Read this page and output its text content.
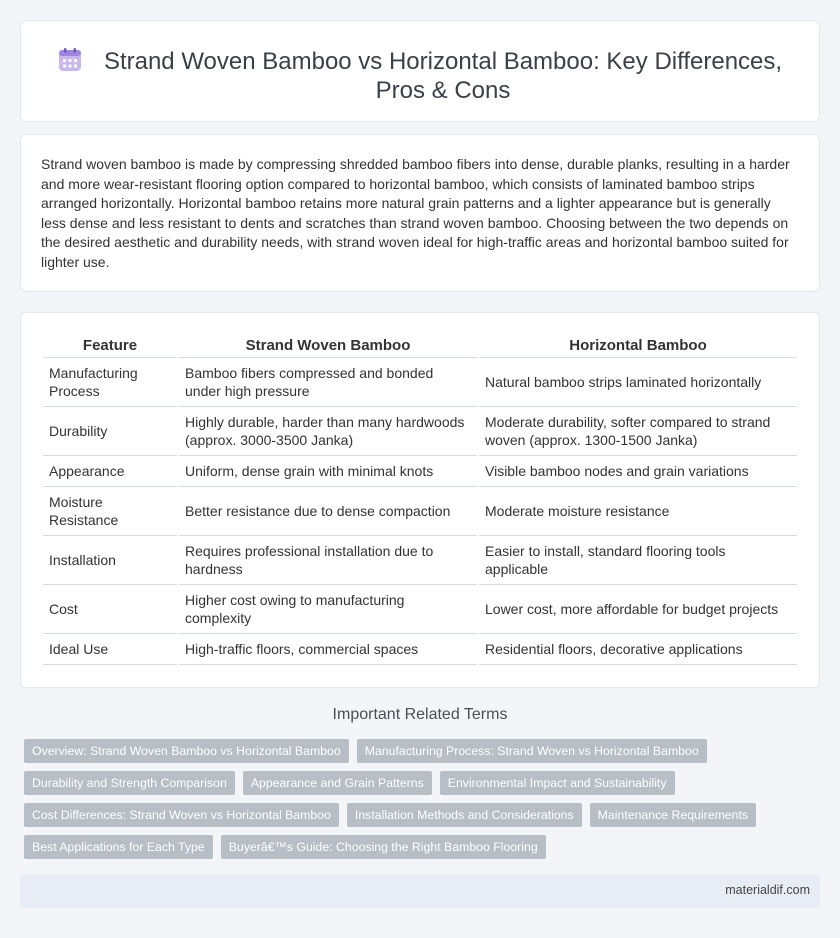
Strand Woven Bamboo vs Horizontal Bamboo: Key Differences, Pros & Cons

Strand woven bamboo is made by compressing shredded bamboo fibers into dense, durable planks, resulting in a harder and more wear-resistant flooring option compared to horizontal bamboo, which consists of laminated bamboo strips arranged horizontally. Horizontal bamboo retains more natural grain patterns and a lighter appearance but is generally less dense and less resistant to dents and scratches than strand woven bamboo. Choosing between the two depends on the desired aesthetic and durability needs, with strand woven ideal for high-traffic areas and horizontal bamboo suited for lighter use.

Feature	Strand Woven Bamboo	Horizontal Bamboo
Manufacturing Process	Bamboo fibers compressed and bonded under high pressure	Natural bamboo strips laminated horizontally
Durability	Highly durable, harder than many hardwoods (approx. 3000-3500 Janka)	Moderate durability, softer compared to strand woven (approx. 1300-1500 Janka)
Appearance	Uniform, dense grain with minimal knots	Visible bamboo nodes and grain variations
Moisture Resistance	Better resistance due to dense compaction	Moderate moisture resistance
Installation	Requires professional installation due to hardness	Easier to install, standard flooring tools applicable
Cost	Higher cost owing to manufacturing complexity	Lower cost, more affordable for budget projects
Ideal Use	High-traffic floors, commercial spaces	Residential floors, decorative applications
Important Related Terms
Overview: Strand Woven Bamboo vs Horizontal Bamboo	Manufacturing Process: Strand Woven vs Horizontal Bamboo
Durability and Strength Comparison	Appearance and Grain Patterns	Environmental Impact and Sustainability
Cost Differences: Strand Woven vs Horizontal Bamboo	Installation Methods and Considerations	Maintenance Requirements
Best Applications for Each Type	Buyerâ€™s Guide: Choosing the Right Bamboo Flooring
materialdif.com
